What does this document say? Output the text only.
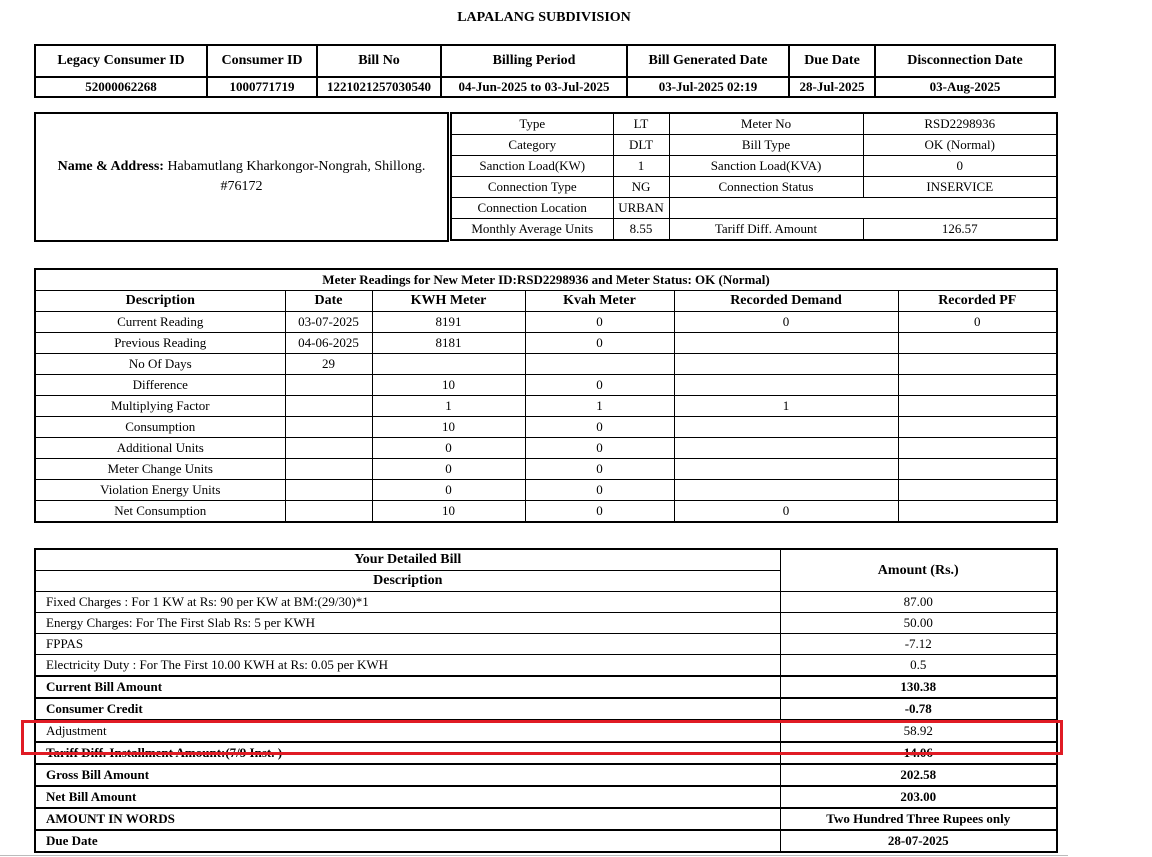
LAPALANG SUBDIVISION
Legacy Consumer ID	Consumer ID	Bill No	Billing Period	Bill Generated Date	Due Date	Disconnection Date
52000062268	1000771719	1221021257030540	04-Jun-2025 to 03-Jul-2025	03-Jul-2025 02:19	28-Jul-2025	03-Aug-2025
Name & Address: Habamutlang Kharkongor-Nongrah, Shillong.
#76172
Type	LT	Meter No	RSD2298936
Category	DLT	Bill Type	OK (Normal)
Sanction Load(KW)	1	Sanction Load(KVA)	0
Connection Type	NG	Connection Status	INSERVICE
Connection Location	URBAN		
Monthly Average Units	8.55	Tariff Diff. Amount	126.57
Meter Readings for New Meter ID:RSD2298936 and Meter Status: OK (Normal)					
Description	Date	KWH Meter	Kvah Meter	Recorded Demand	Recorded PF
Current Reading	03-07-2025	8191	0	0	0
Previous Reading	04-06-2025	8181	0		
No Of Days	29				
Difference		10	0		
Multiplying Factor		1	1	1	
Consumption		10	0		
Additional Units		0	0		
Meter Change Units		0	0		
Violation Energy Units		0	0		
Net Consumption		10	0	0	
Your Detailed Bill	Amount (Rs.)
Description	
Fixed Charges : For 1 KW at Rs: 90 per KW at BM:(29/30)*1	87.00
Energy Charges: For The First Slab Rs: 5 per KWH	50.00
FPPAS	-7.12
Electricity Duty : For The First 10.00 KWH at Rs: 0.05 per KWH	0.5
Current Bill Amount	130.38
Consumer Credit	-0.78
Adjustment	58.92
Tariff Diff. Installment Amount:(7/9 Inst. )	14.06
Gross Bill Amount	202.58
Net Bill Amount	203.00
AMOUNT IN WORDS	Two Hundred Three Rupees only
Due Date	28-07-2025
